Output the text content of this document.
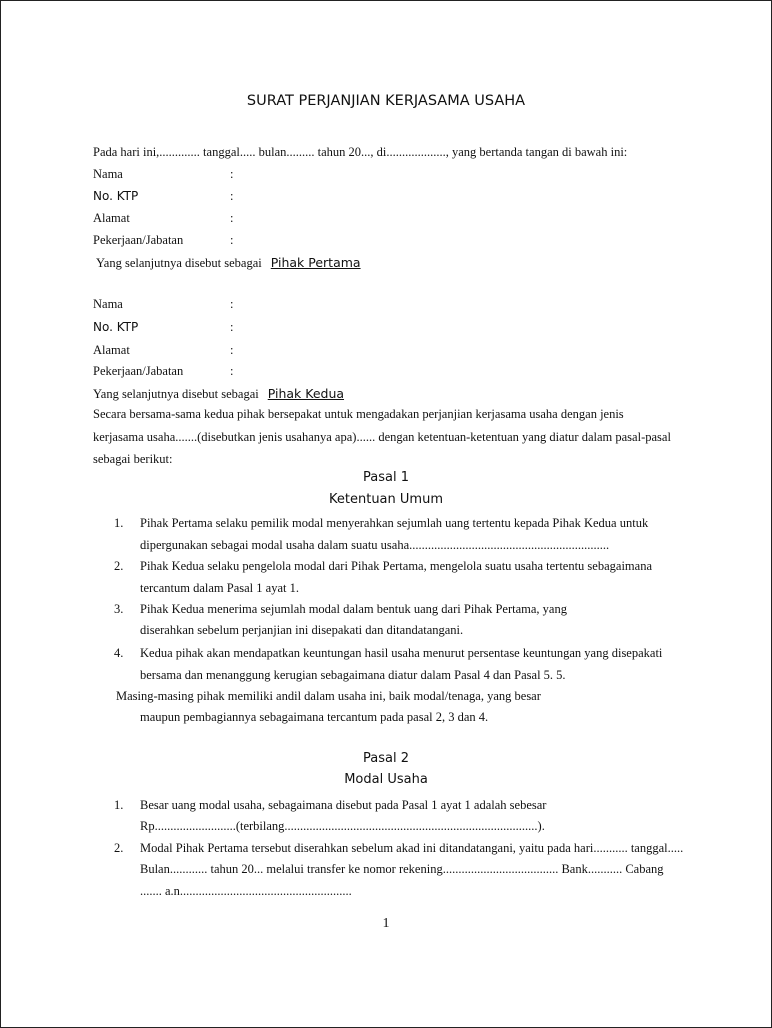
SURAT PERJANJIAN KERJASAMA USAHA
Pada hari ini,............. tanggal..... bulan......... tahun 20..., di..................., yang bertanda tangan di bawah ini:
Nama	:
No. KTP	:
Alamat	:
Pekerjaan/Jabatan	:
Yang selanjutnya disebut sebagai Pihak Pertama
Nama	:
No. KTP	:
Alamat	:
Pekerjaan/Jabatan	:
Yang selanjutnya disebut sebagai Pihak Kedua
Secara bersama-sama kedua pihak bersepakat untuk mengadakan perjanjian kerjasama usaha dengan jenis
kerjasama usaha.......(disebutkan jenis usahanya apa)...... dengan ketentuan-ketentuan yang diatur dalam pasal-pasal
sebagai berikut:
Pasal 1
Ketentuan Umum
1. Pihak Pertama selaku pemilik modal menyerahkan sejumlah uang tertentu kepada Pihak Kedua untuk
dipergunakan sebagai modal usaha dalam suatu usaha................................................................
2. Pihak Kedua selaku pengelola modal dari Pihak Pertama, mengelola suatu usaha tertentu sebagaimana
tercantum dalam Pasal 1 ayat 1.
3. Pihak Kedua menerima sejumlah modal dalam bentuk uang dari Pihak Pertama, yang
diserahkan sebelum perjanjian ini disepakati dan ditandatangani.
4. Kedua pihak akan mendapatkan keuntungan hasil usaha menurut persentase keuntungan yang disepakati
bersama dan menanggung kerugian sebagaimana diatur dalam Pasal 4 dan Pasal 5. 5.
Masing-masing pihak memiliki andil dalam usaha ini, baik modal/tenaga, yang besar
maupun pembagiannya sebagaimana tercantum pada pasal 2, 3 dan 4.
Pasal 2
Modal Usaha
1. Besar uang modal usaha, sebagaimana disebut pada Pasal 1 ayat 1 adalah sebesar
Rp..........................(terbilang.................................................................................).
2. Modal Pihak Pertama tersebut diserahkan sebelum akad ini ditandatangani, yaitu pada hari........... tanggal.....
Bulan............ tahun 20... melalui transfer ke nomor rekening..................................... Bank........... Cabang
....... a.n.......................................................
1
